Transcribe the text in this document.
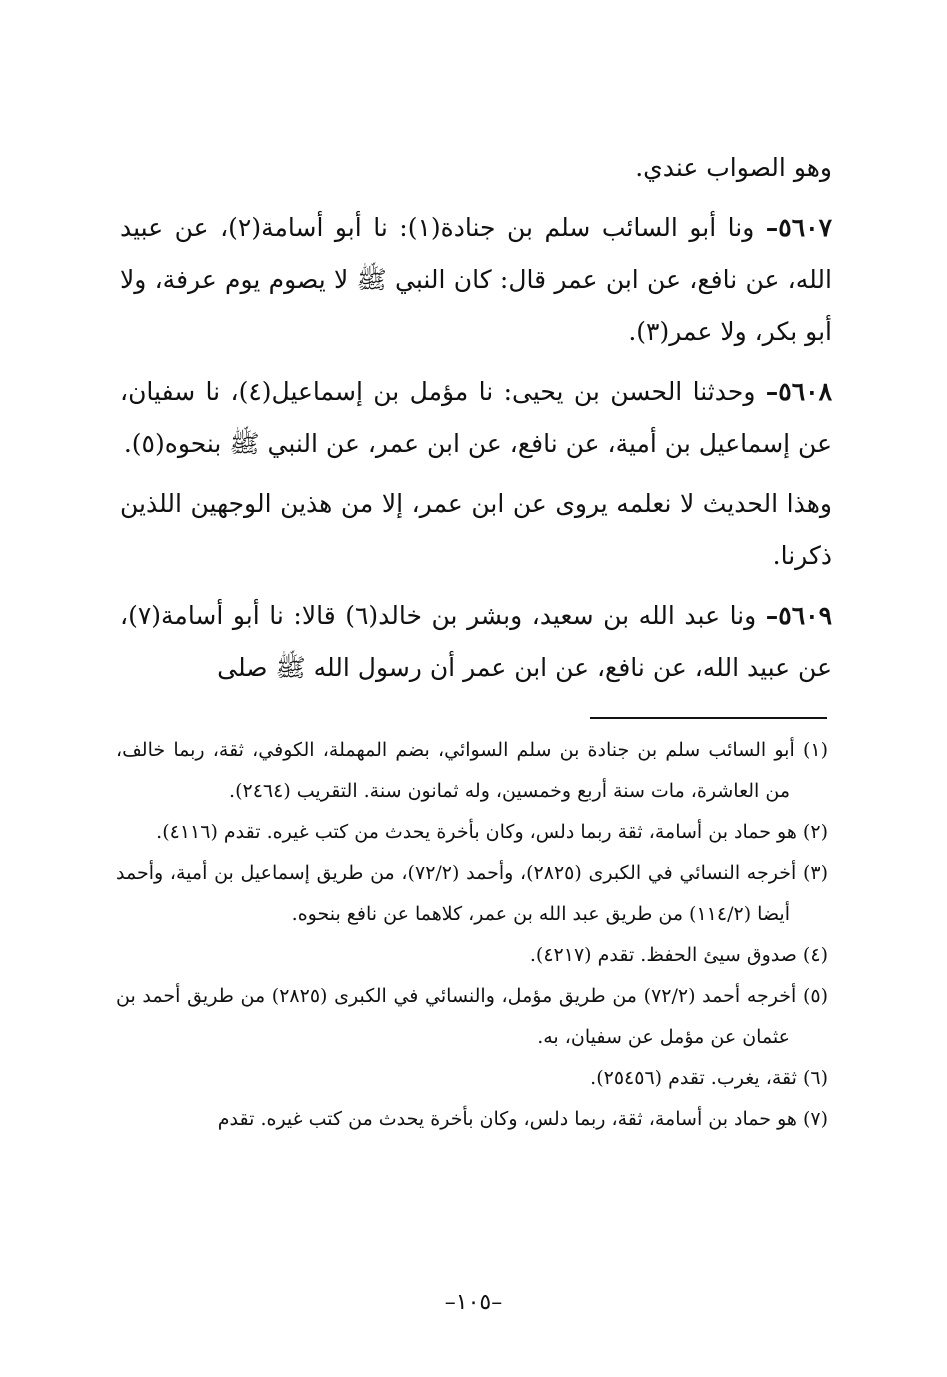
وهو الصواب عندي.

٥٦٠٧– ونا أبو السائب سلم بن جنادة(١): نا أبو أسامة(٢)، عن عبيد الله، عن نافع، عن ابن عمر قال: كان النبي ﷺ لا يصوم يوم عرفة، ولا أبو بكر، ولا عمر(٣).

٥٦٠٨– وحدثنا الحسن بن يحيى: نا مؤمل بن إسماعيل(٤)، نا سفيان، عن إسماعيل بن أمية، عن نافع، عن ابن عمر، عن النبي ﷺ بنحوه(٥).

وهذا الحديث لا نعلمه يروى عن ابن عمر، إلا من هذين الوجهين اللذين ذكرنا.

٥٦٠٩– ونا عبد الله بن سعيد، وبشر بن خالد(٦) قالا: نا أبو أسامة(٧)، عن عبيد الله، عن نافع، عن ابن عمر أن رسول الله ﷺ صلى

(١) أبو السائب سلم بن جنادة بن سلم السوائي، بضم المهملة، الكوفي، ثقة، ربما خالف، من العاشرة، مات سنة أربع وخمسين، وله ثمانون سنة. التقريب (٢٤٦٤).

(٢) هو حماد بن أسامة، ثقة ربما دلس، وكان بأخرة يحدث من كتب غيره. تقدم (٤١١٦).

(٣) أخرجه النسائي في الكبرى (٢٨٢٥)، وأحمد (٧٢/٢)، من طريق إسماعيل بن أمية، وأحمد أيضا (١١٤/٢) من طريق عبد الله بن عمر، كلاهما عن نافع بنحوه.

(٤) صدوق سيئ الحفظ. تقدم (٤٢١٧).

(٥) أخرجه أحمد (٧٢/٢) من طريق مؤمل، والنسائي في الكبرى (٢٨٢٥) من طريق أحمد بن عثمان عن مؤمل عن سفيان، به.

(٦) ثقة، يغرب. تقدم (٢٥٤٥٦).

(٧) هو حماد بن أسامة، ثقة، ربما دلس، وكان بأخرة يحدث من كتب غيره. تقدم

–١٠٥–
